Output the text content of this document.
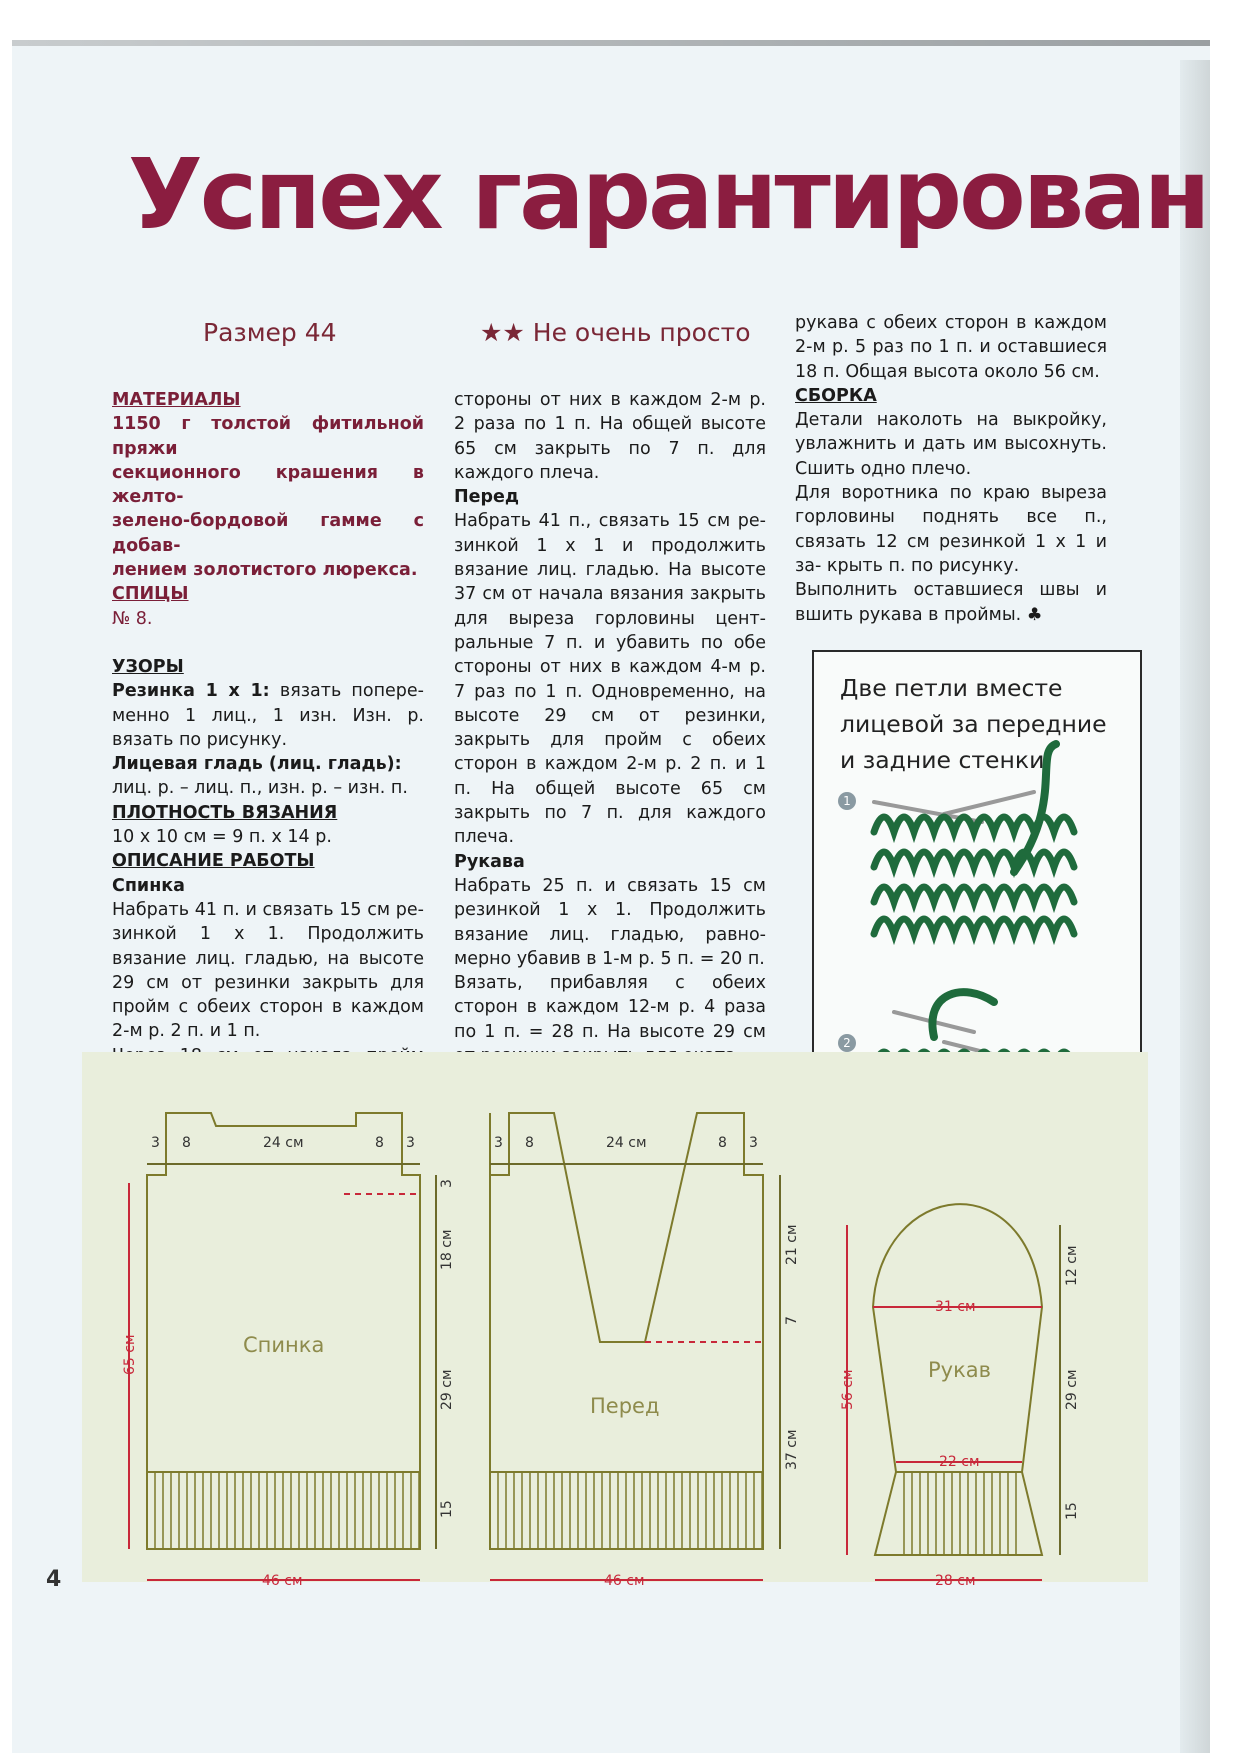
Успех гарантирован
Размер 44	★★ Не очень просто

МАТЕРИАЛЫ

1150 г толстой фитильной пряжи

секционного крашения в желто-

зелено-бордовой гамме с добав-

лением золотистого люрекса.

СПИЦЫ

№ 8.

УЗОРЫ

Резинка 1 х 1: вязать попере- менно 1 лиц., 1 изн. Изн. р. вязать по рисунку.

Лицевая гладь (лиц. гладь):

лиц. р. – лиц. п., изн. р. – изн. п.

ПЛОТНОСТЬ ВЯЗАНИЯ

10 х 10 см = 9 п. х 14 р.

ОПИСАНИЕ РАБОТЫ

Спинка

Набрать 41 п. и связать 15 см ре- зинкой 1 х 1. Продолжить вязание лиц. гладью, на высоте 29 см от резинки закрыть для пройм с обеих сторон в каждом 2-м р. 2 п. и 1 п.

стороны от них в каждом 2-м р. 2 раза по 1 п. На общей высоте 65 см закрыть по 7 п. для каждого плеча.

Перед

Набрать 41 п., связать 15 см ре- зинкой 1 х 1 и продолжить вязание лиц. гладью. На высоте 37 см от начала вязания закрыть для выреза горловины цент- ральные 7 п. и убавить по обе стороны от них в каждом 4-м р. 7 раз по 1 п. Одновременно, на высоте 29 см от резинки, закрыть для пройм с обеих сторон в каждом 2-м р. 2 п. и 1 п. На общей высоте 65 см закрыть по 7 п. для каждого плеча.

Рукава

Набрать 25 п. и связать 15 см резинкой 1 х 1. Продолжить вязание лиц. гладью, равно- мерно убавив в 1-м р. 5 п. = 20 п.

Вязать, прибавляя с обеих сторон в каждом 12-м р. 4 раза по 1 п. = 28 п. На высоте 29 см

рукава с обеих сторон в каждом 2-м р. 5 раз по 1 п. и оставшиеся 18 п. Общая высота около 56 см.

СБОРКА

Детали наколоть на выкройку, увлажнить и дать им высохнуть. Сшить одно плечо.

Для воротника по краю выреза горловины поднять все п., связать 12 см резинкой 1 х 1 и за- крыть п. по рисунку.

Выполнить оставшиеся швы и вшить рукава в проймы. ♣

Две петли вместе
лицевой за передние
и задние стенки
1
2
3 8	24 см	8 3	3 8	24 см	8 3
46 см	46 см	28 см
31 см
22 см
65 см
56 см
3
18 см
29 см
15
21 см
7
37 см
12 см
29 см
15
Спинка
Перед
Рукав
4
